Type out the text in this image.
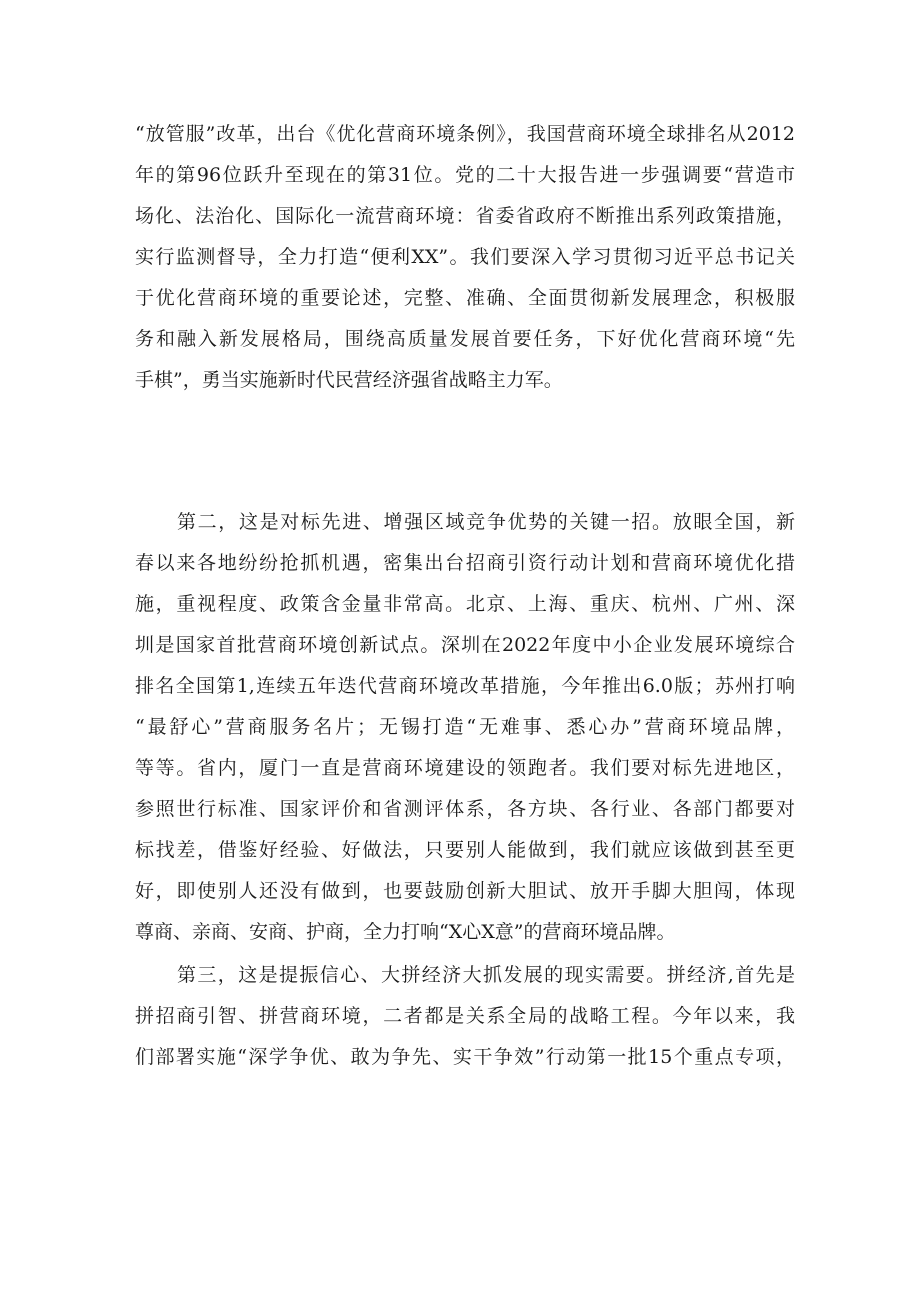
“放管服”改革，出台《优化营商环境条例》，我国营商环境全球排名从2012
年的第96位跃升至现在的第31位。党的二十大报告进一步强调要“营造市
场化、法治化、国际化一流营商环境：省委省政府不断推出系列政策措施，
实行监测督导，全力打造“便利XX”。我们要深入学习贯彻习近平总书记关
于优化营商环境的重要论述，完整、准确、全面贯彻新发展理念，积极服
务和融入新发展格局，围绕高质量发展首要任务，下好优化营商环境“先
手棋”，勇当实施新时代民营经济强省战略主力军。
第二，这是对标先进、增强区域竞争优势的关键一招。放眼全国，新
春以来各地纷纷抢抓机遇，密集出台招商引资行动计划和营商环境优化措
施，重视程度、政策含金量非常高。北京、上海、重庆、杭州、广州、深
圳是国家首批营商环境创新试点。深圳在2022年度中小企业发展环境综合
排名全国第1,连续五年迭代营商环境改革措施，今年推出6.0版；苏州打响
“最舒心”营商服务名片；无锡打造“无难事、悉心办”营商环境品牌，
等等。省内，厦门一直是营商环境建设的领跑者。我们要对标先进地区，
参照世行标准、国家评价和省测评体系，各方块、各行业、各部门都要对
标找差，借鉴好经验、好做法，只要别人能做到，我们就应该做到甚至更
好，即使别人还没有做到，也要鼓励创新大胆试、放开手脚大胆闯，体现
尊商、亲商、安商、护商，全力打响“X心X意”的营商环境品牌。
第三，这是提振信心、大拼经济大抓发展的现实需要。拼经济,首先是
拼招商引智、拼营商环境，二者都是关系全局的战略工程。今年以来，我
们部署实施“深学争优、敢为争先、实干争效”行动第一批15个重点专项，
